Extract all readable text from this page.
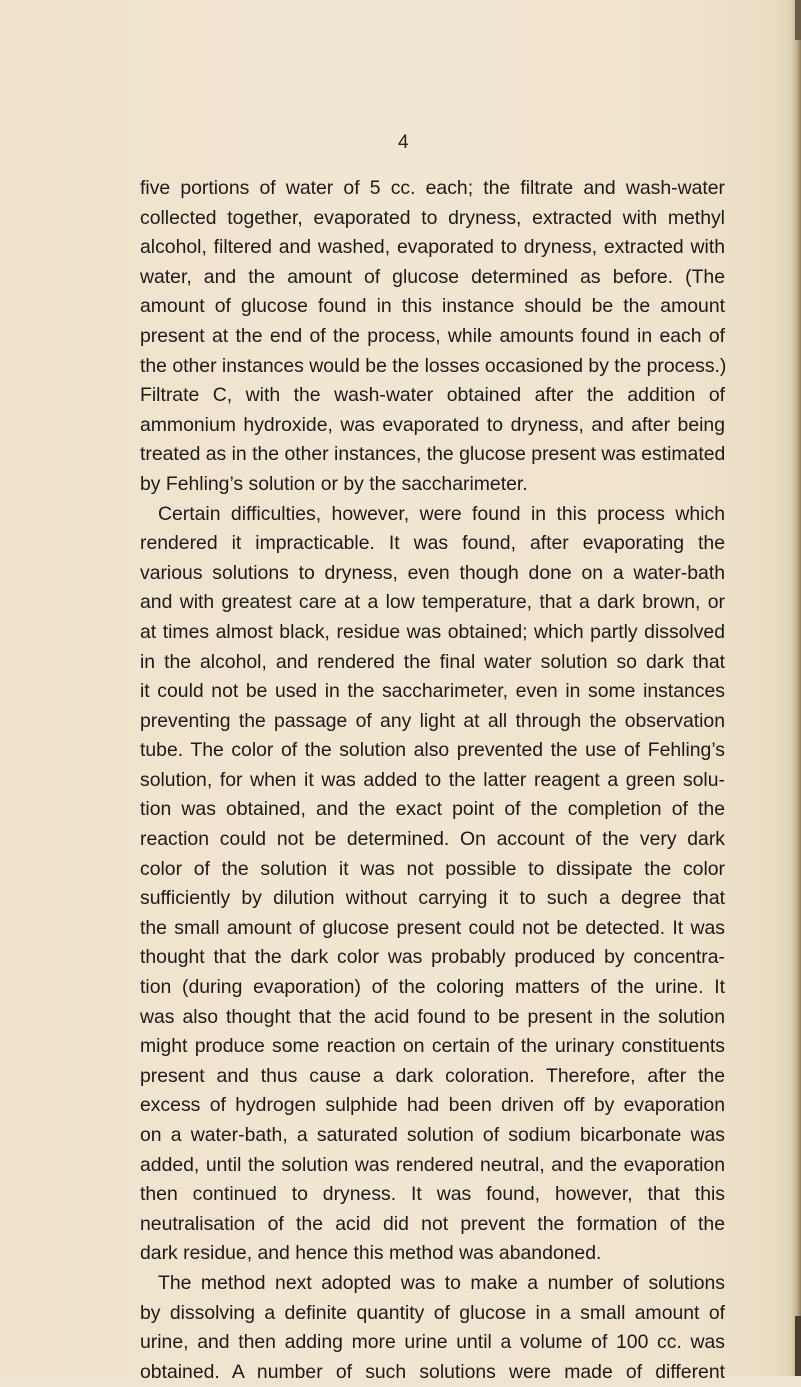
4

five portions of water of 5 cc. each; the filtrate and wash-water
collected together, evaporated to dryness, extracted with methyl
alcohol, filtered and washed, evaporated to dryness, extracted with
water, and the amount of glucose determined as before. (The
amount of glucose found in this instance should be the amount
present at the end of the process, while amounts found in each of
the other instances would be the losses occasioned by the process.)
Filtrate C, with the wash-water obtained after the addition of
ammonium hydroxide, was evaporated to dryness, and after being
treated as in the other instances, the glucose present was estimated
by Fehling’s solution or by the saccharimeter.
Certain difficulties, however, were found in this process which
rendered it impracticable. It was found, after evaporating the
various solutions to dryness, even though done on a water-bath
and with greatest care at a low temperature, that a dark brown, or
at times almost black, residue was obtained; which partly dissolved
in the alcohol, and rendered the final water solution so dark that
it could not be used in the saccharimeter, even in some instances
preventing the passage of any light at all through the observation
tube. The color of the solution also prevented the use of Fehling’s
solution, for when it was added to the latter reagent a green solu-
tion was obtained, and the exact point of the completion of the
reaction could not be determined. On account of the very dark
color of the solution it was not possible to dissipate the color
sufficiently by dilution without carrying it to such a degree that
the small amount of glucose present could not be detected. It was
thought that the dark color was probably produced by concentra-
tion (during evaporation) of the coloring matters of the urine. It
was also thought that the acid found to be present in the solution
might produce some reaction on certain of the urinary constituents
present and thus cause a dark coloration. Therefore, after the
excess of hydrogen sulphide had been driven off by evaporation
on a water-bath, a saturated solution of sodium bicarbonate was
added, until the solution was rendered neutral, and the evaporation
then continued to dryness. It was found, however, that this
neutralisation of the acid did not prevent the formation of the
dark residue, and hence this method was abandoned.
The method next adopted was to make a number of solutions
by dissolving a definite quantity of glucose in a small amount of
urine, and then adding more urine until a volume of 100 cc. was
obtained. A number of such solutions were made of different
